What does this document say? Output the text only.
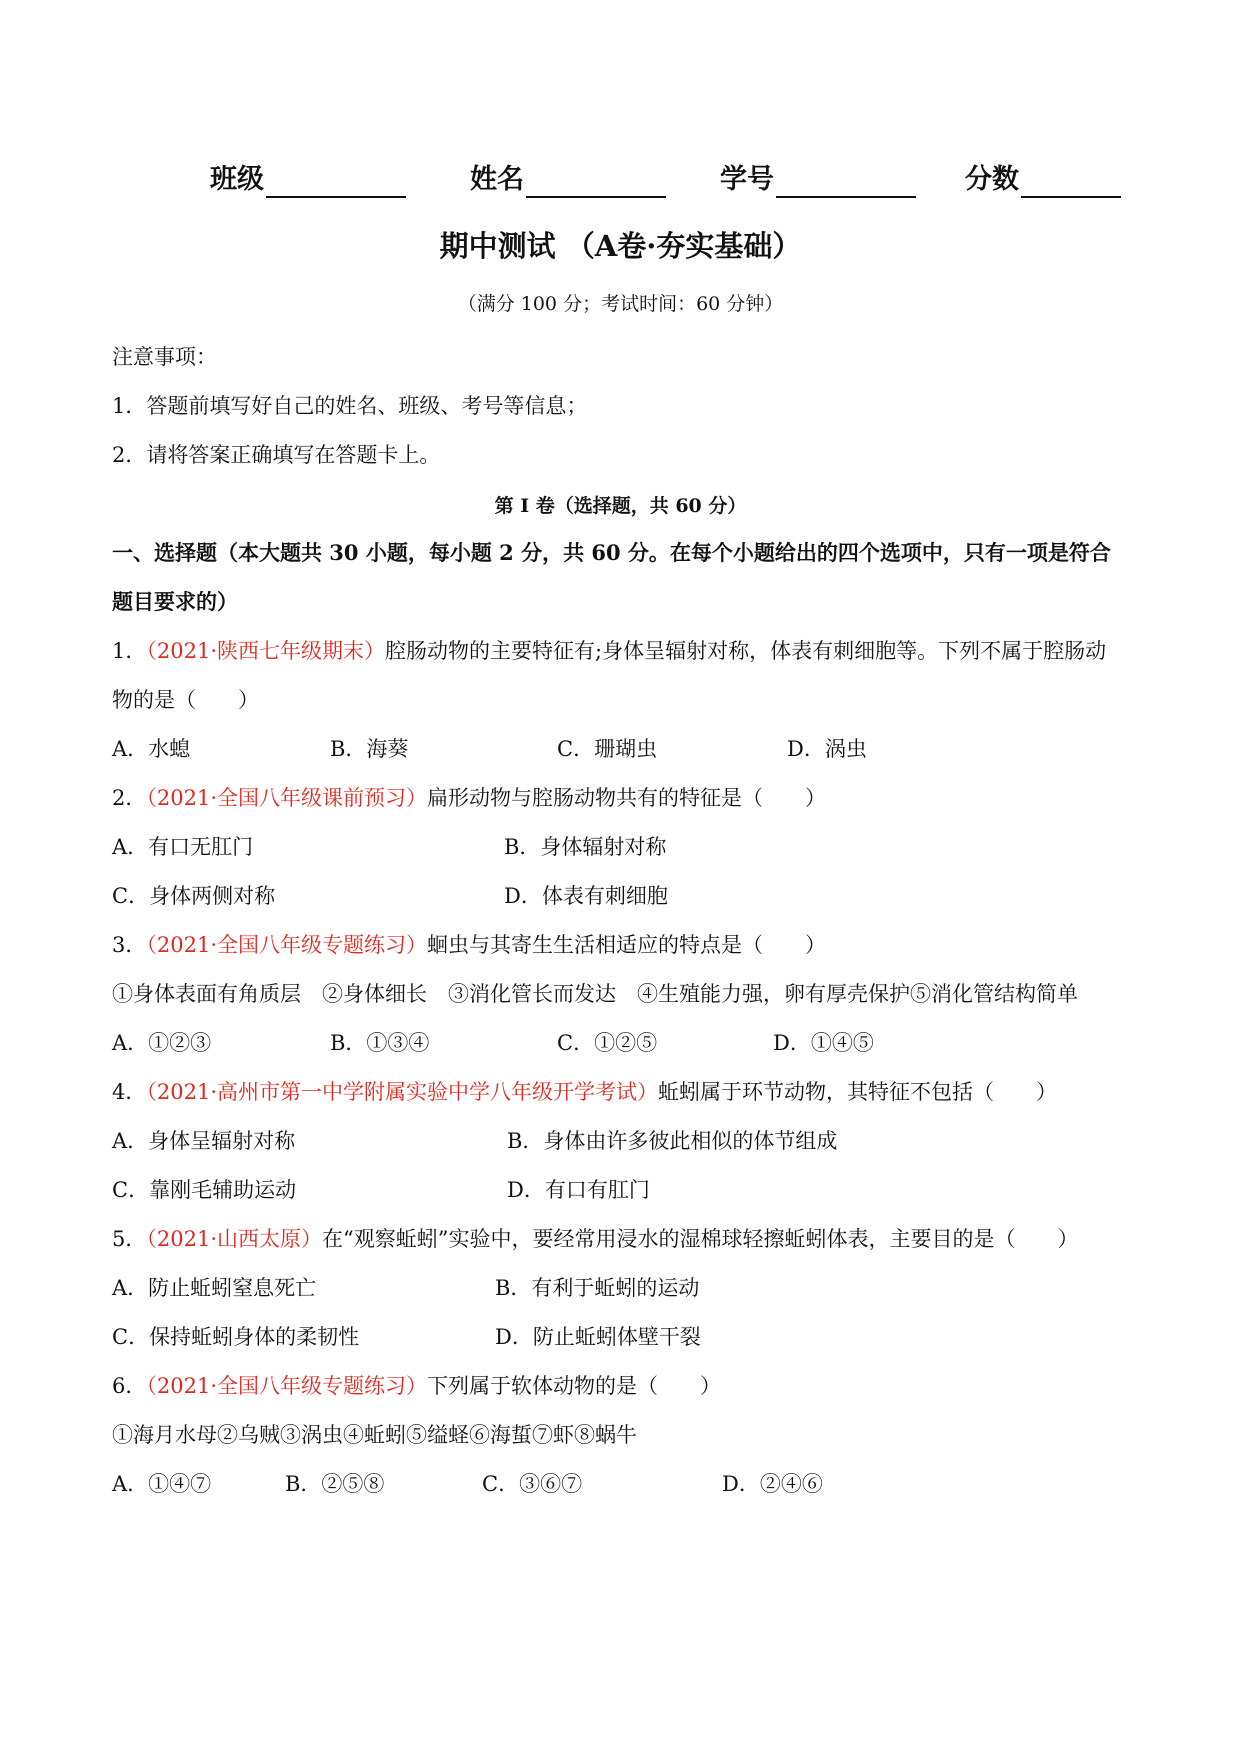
班级	姓名	学号	分数
期中测试 （A卷·夯实基础）
（满分 100 分；考试时间：60 分钟）
注意事项：
1．答题前填写好自己的姓名、班级、考号等信息；
2．请将答案正确填写在答题卡上。
第 I 卷（选择题，共 60 分）
一、选择题（本大题共 30 小题，每小题 2 分，共 60 分。在每个小题给出的四个选项中，只有一项是符合
题目要求的）
1．（2021·陕西七年级期末）腔肠动物的主要特征有;身体呈辐射对称，体表有刺细胞等。下列不属于腔肠动
物的是（　　）
A．水螅	B．海葵	C．珊瑚虫	D．涡虫
2．（2021·全国八年级课前预习）扁形动物与腔肠动物共有的特征是（　　）
A．有口无肛门	B．身体辐射对称
C．身体两侧对称	D．体表有刺细胞
3．（2021·全国八年级专题练习）蛔虫与其寄生生活相适应的特点是（　　）
①身体表面有角质层　②身体细长　③消化管长而发达　④生殖能力强，卵有厚壳保护⑤消化管结构简单
A．①②③	B．①③④	C．①②⑤	D．①④⑤
4．（2021·高州市第一中学附属实验中学八年级开学考试）蚯蚓属于环节动物，其特征不包括（　　）
A．身体呈辐射对称	B．身体由许多彼此相似的体节组成
C．靠刚毛辅助运动	D．有口有肛门
5．（2021·山西太原）在“观察蚯蚓”实验中，要经常用浸水的湿棉球轻擦蚯蚓体表，主要目的是（　　）
A．防止蚯蚓窒息死亡	B．有利于蚯蚓的运动
C．保持蚯蚓身体的柔韧性	D．防止蚯蚓体壁干裂
6．（2021·全国八年级专题练习）下列属于软体动物的是（　　）
①海月水母②乌贼③涡虫④蚯蚓⑤缢蛏⑥海蜇⑦虾⑧蜗牛
A．①④⑦	B．②⑤⑧	C．③⑥⑦	D．②④⑥
